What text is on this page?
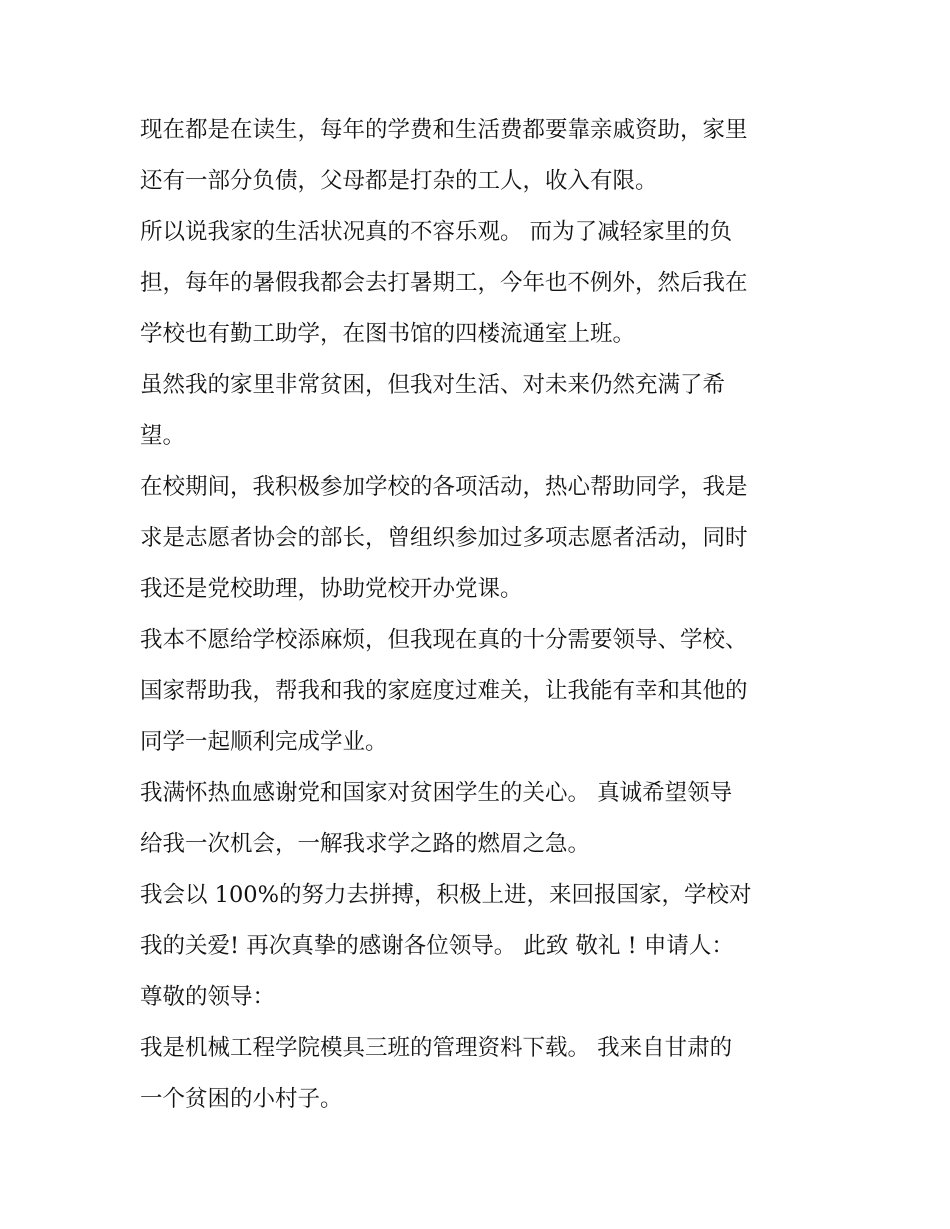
现在都是在读生，每年的学费和生活费都要靠亲戚资助，家里
还有一部分负债，父母都是打杂的工人，收入有限。
所以说我家的生活状况真的不容乐观。 而为了减轻家里的负
担，每年的暑假我都会去打暑期工，今年也不例外，然后我在
学校也有勤工助学，在图书馆的四楼流通室上班。
虽然我的家里非常贫困，但我对生活、对未来仍然充满了希
望。
在校期间，我积极参加学校的各项活动，热心帮助同学，我是
求是志愿者协会的部长，曾组织参加过多项志愿者活动，同时
我还是党校助理，协助党校开办党课。
我本不愿给学校添麻烦，但我现在真的十分需要领导、学校、
国家帮助我，帮我和我的家庭度过难关，让我能有幸和其他的
同学一起顺利完成学业。
我满怀热血感谢党和国家对贫困学生的关心。 真诚希望领导
给我一次机会，一解我求学之路的燃眉之急。
我会以 100%的努力去拼搏，积极上进，来回报国家，学校对
我的关爱! 再次真挚的感谢各位领导。 此致 敬礼 ! 申请人：
尊敬的领导：
我是机械工程学院模具三班的管理资料下载。 我来自甘肃的
一个贫困的小村子。
